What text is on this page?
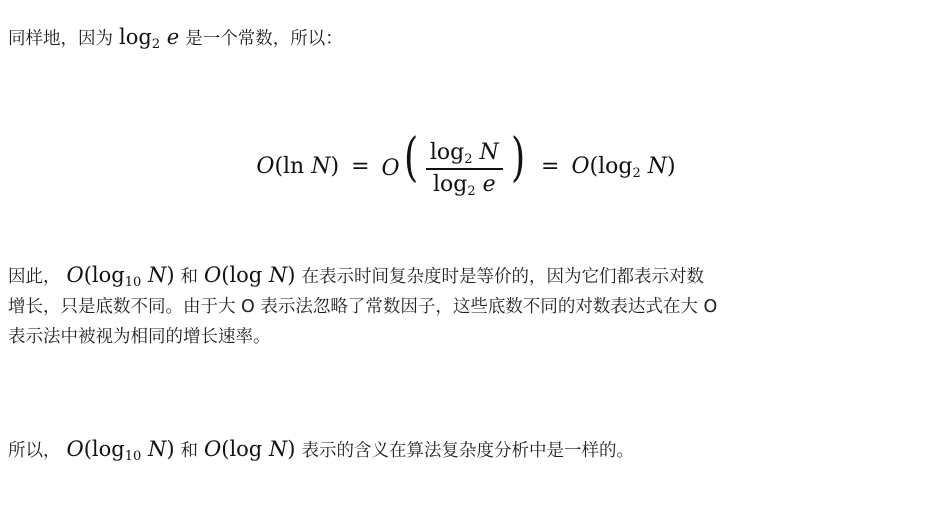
同样地，因为 $\log_2 e$ 是一个常数，所以：
O(ln $N) = O( \frac{\log_2 N}{\log_2 e}$ ) = $O(\log_2$ N)
因此， $O(\log_{10}$ N) 和 O(log N) 在表示时间复杂度时是等价的，因为它们都表示对数
增长，只是底数不同。由于大 O 表示法忽略了常数因子，这些底数不同的对数表达式在大 O
表示法中被视为相同的增长速率。
所以， $O(\log_{10}$ N) 和 O(log N) 表示的含义在算法复杂度分析中是一样的。
